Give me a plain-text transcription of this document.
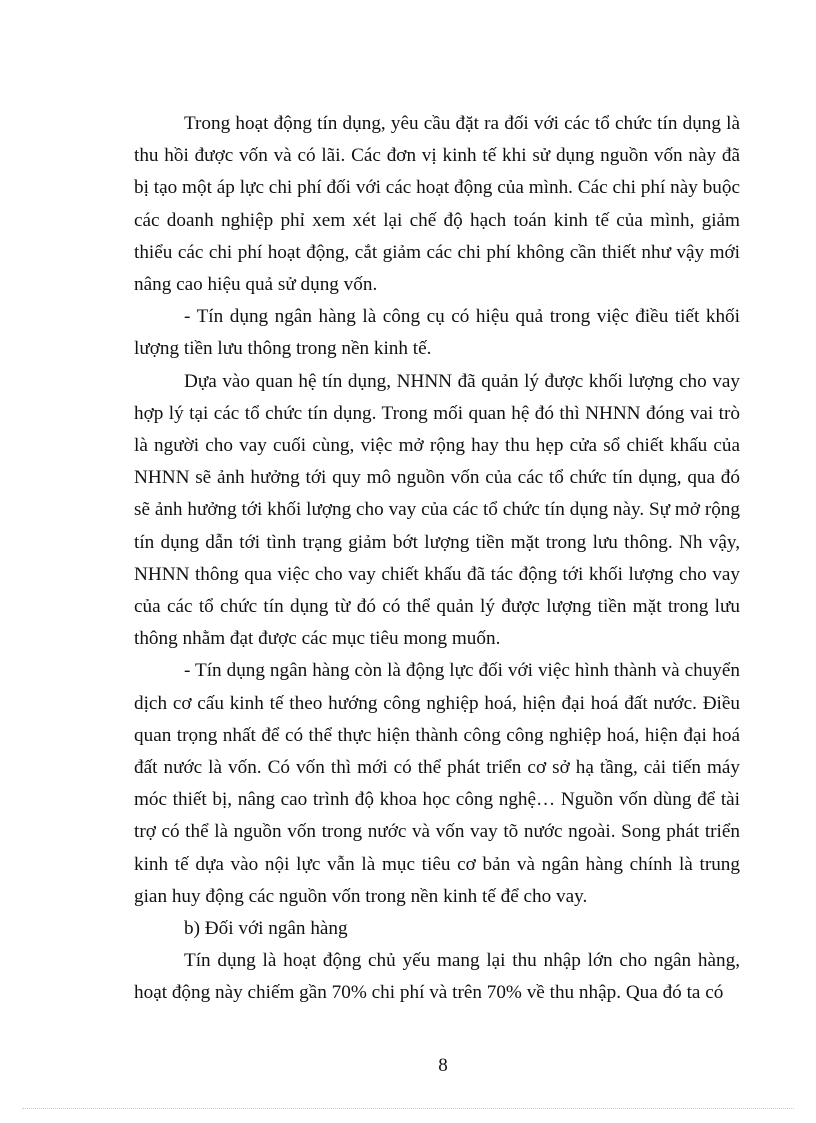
Trong hoạt động tín dụng, yêu cầu đặt ra đối với các tổ chức tín dụng là thu hồi được vốn và có lãi. Các đơn vị kinh tế khi sử dụng nguồn vốn này đã bị tạo một áp lực chi phí đối với các hoạt động của mình. Các chi phí này buộc các doanh nghiệp phỉ xem xét lại chế độ hạch toán kinh tế của mình, giảm thiểu các chi phí hoạt động, cắt giảm các chi phí không cần thiết như vậy mới nâng cao hiệu quả sử dụng vốn.

- Tín dụng ngân hàng là công cụ có hiệu quả trong việc điều tiết khối lượng tiền lưu thông trong nền kinh tế.

Dựa vào quan hệ tín dụng, NHNN đã quản lý được khối lượng cho vay hợp lý tại các tổ chức tín dụng. Trong mối quan hệ đó thì NHNN đóng vai trò là người cho vay cuối cùng, việc mở rộng hay thu hẹp cửa sổ chiết khấu của NHNN sẽ ảnh hưởng tới quy mô nguồn vốn của các tổ chức tín dụng, qua đó sẽ ảnh hưởng tới khối lượng cho vay của các tổ chức tín dụng này. Sự mở rộng tín dụng dẫn tới tình trạng giảm bớt lượng tiền mặt trong lưu thông. Nh vậy, NHNN thông qua việc cho vay chiết khấu đã tác động tới khối lượng cho vay của các tổ chức tín dụng từ đó có thể quản lý được lượng tiền mặt trong lưu thông nhằm đạt được các mục tiêu mong muốn.

- Tín dụng ngân hàng còn là động lực đối với việc hình thành và chuyển dịch cơ cấu kinh tế theo hướng công nghiệp hoá, hiện đại hoá đất nước. Điều quan trọng nhất để có thể thực hiện thành công công nghiệp hoá, hiện đại hoá đất nước là vốn. Có vốn thì mới có thể phát triển cơ sở hạ tầng, cải tiến máy móc thiết bị, nâng cao trình độ khoa học công nghệ… Nguồn vốn dùng để tài trợ có thể là nguồn vốn trong nước và vốn vay tõ nước ngoài. Song phát triển kinh tế dựa vào nội lực vẫn là mục tiêu cơ bản và ngân hàng chính là trung gian huy động các nguồn vốn trong nền kinh tế để cho vay.

b) Đối với ngân hàng

Tín dụng là hoạt động chủ yếu mang lại thu nhập lớn cho ngân hàng, hoạt động này chiếm gần 70% chi phí và trên 70% về thu nhập. Qua đó ta có

8
